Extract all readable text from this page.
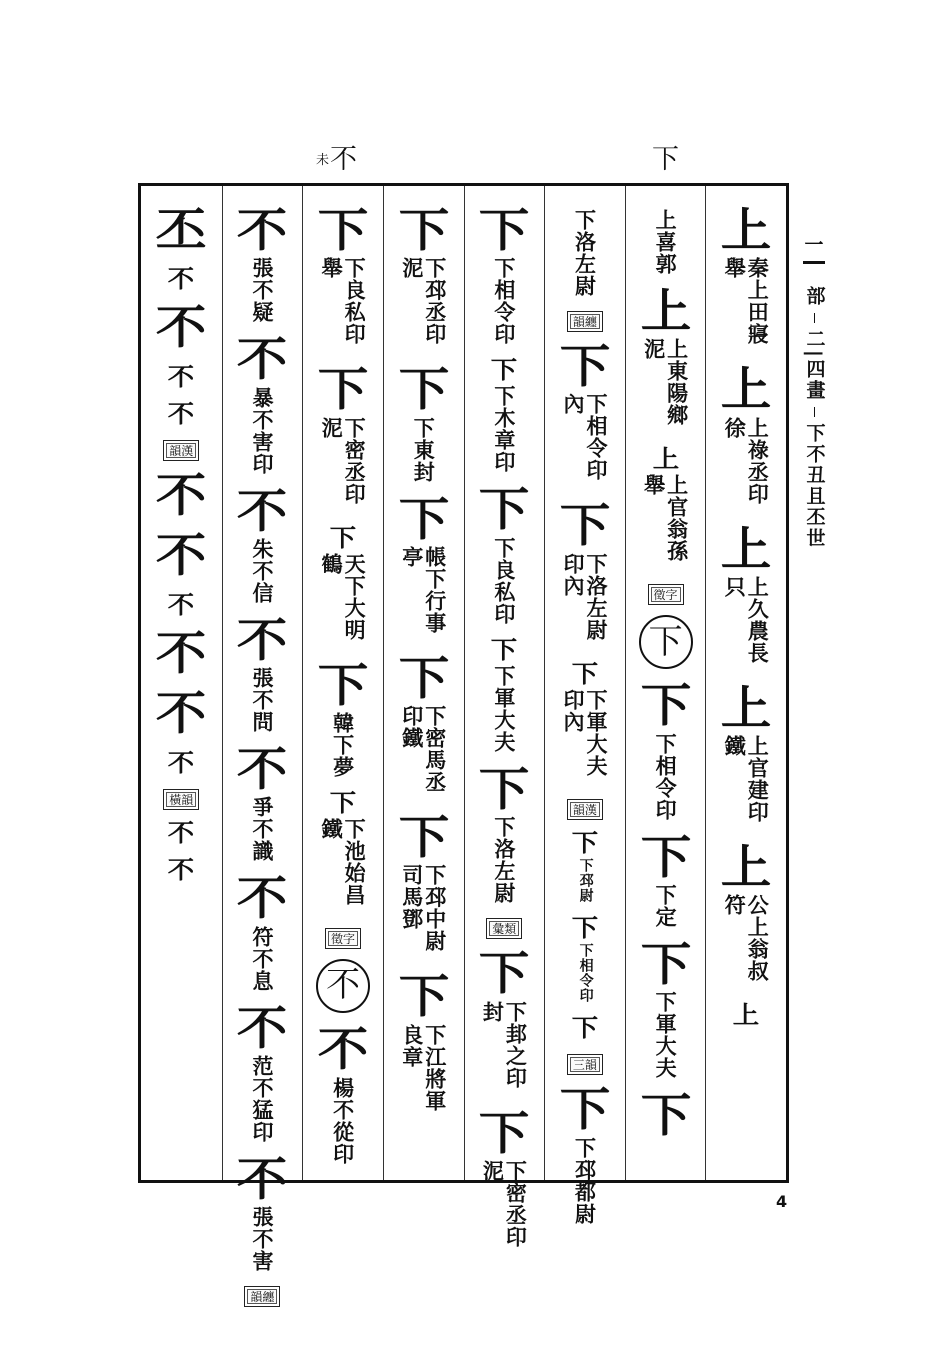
未不	下
丕
不
不
不
不
韻漢
不
不
不
不
不
不
橫韻
不
不
不
張不疑
不
暴不害印
不
朱不信
不
張不問
不
爭不識
不
符不息
不
范不猛印
不
張不害
韻纏
下
下良私印舉
下
下密丞印泥
下
天下大明鶴
下
韓下夢
下
下池始昌鐵
徵字
不
不
楊不從印
下
下邳丞印泥
下
下東封
下
帳下行事亭
下
下密馬丞印鐵
下
下邳中尉司馬鄧
下
下江將軍良章
下
下相令印
下
下木章印
下
下良私印
下
下軍大夫
下
下洛左尉
彙類
下
下邽之印封
下
下密丞印泥
下洛左尉
韻纏
下
下相令印內
下
下洛左尉印內
下
下軍大夫印內
韻漢
下
下邳尉
下
下相令印
下
三韻
下
下邳都尉
上喜郭
上
上東陽鄉泥
上
上官翁孫舉
徵字
下
下
下相令印
下
下定
下
下軍大夫
下
上
秦上田寢舉
上
上祿丞印徐
上
上久農長只
上
上官建印鐵
上
公上翁叔符
上
一
部
二|四畫
下不丑且丕世
4
